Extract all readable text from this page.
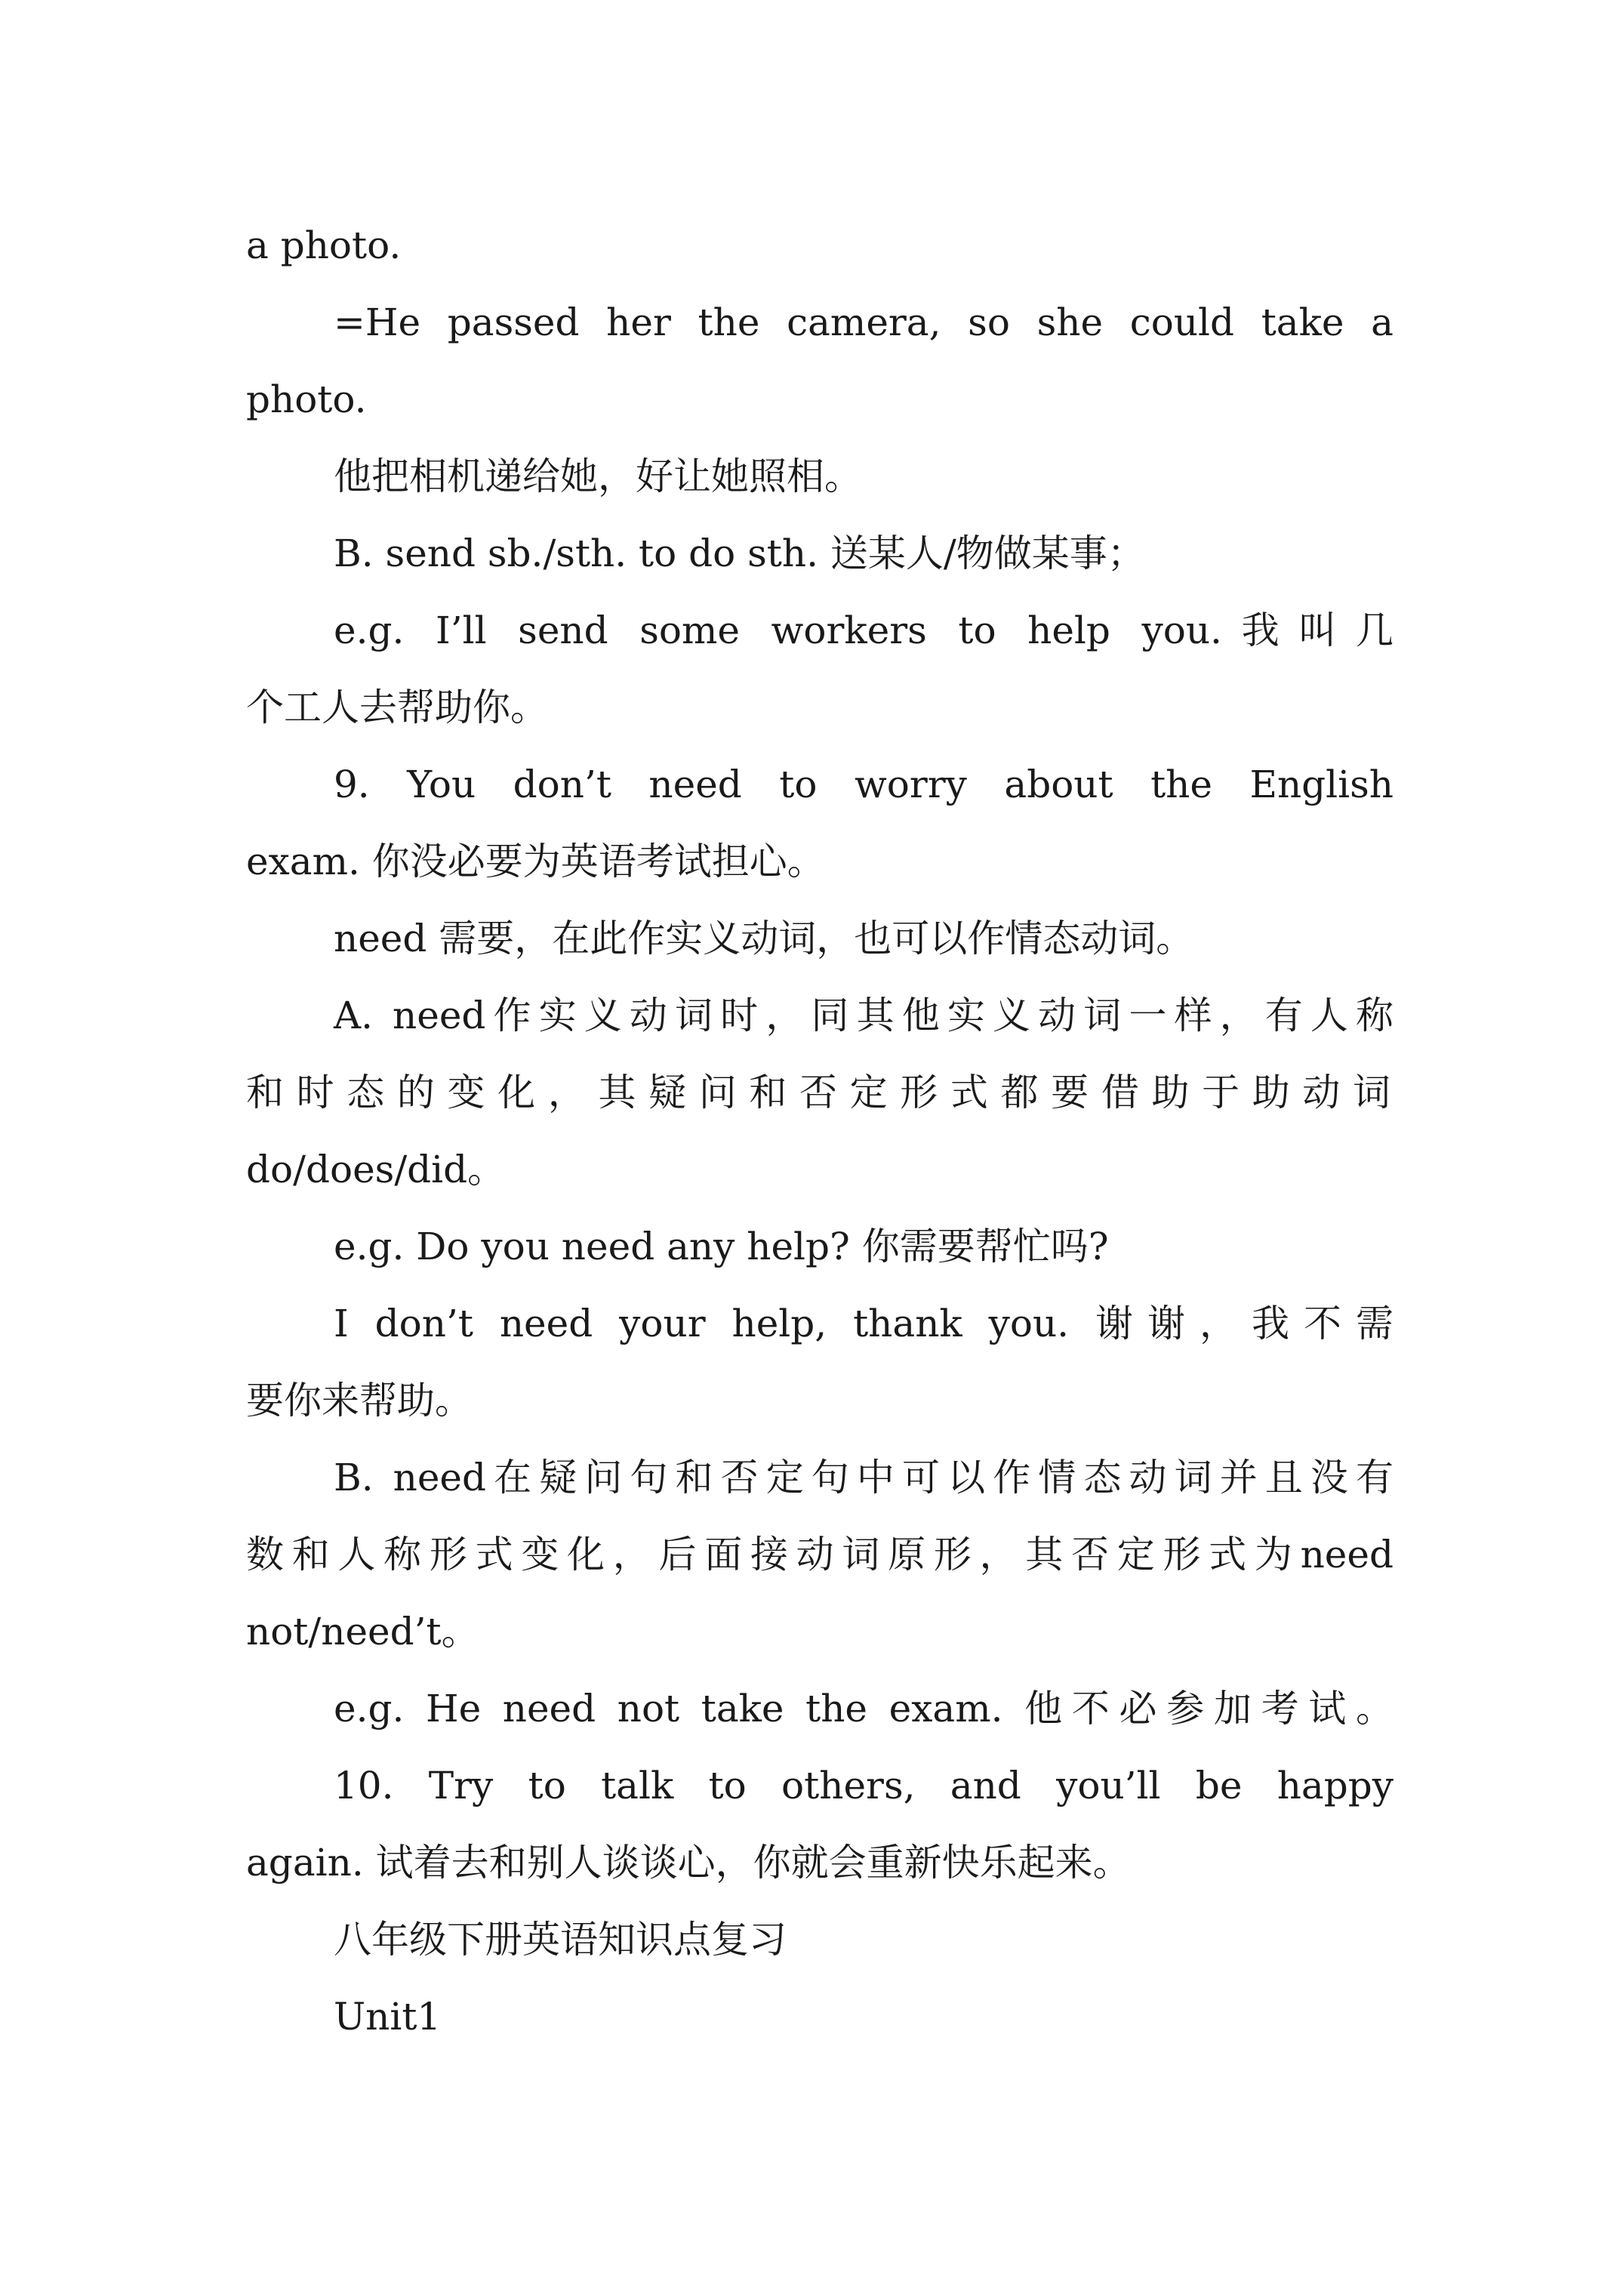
a photo.
=He passed her the camera, so she could take a
photo.
他把相机递给她，好让她照相。
B. send sb./sth. to do sth. 送某人/物做某事；
e.g. I’ll send some workers to help you.我叫几
个工人去帮助你。
9. You don’t need to worry about the English
exam. 你没必要为英语考试担心。
need 需要，在此作实义动词，也可以作情态动词。
A. need作实义动词时，同其他实义动词一样，有人称
和时态的变化，其疑问和否定形式都要借助于助动词
do/does/did。
e.g. Do you need any help? 你需要帮忙吗?
I don’t need your help, thank you. 谢谢，我不需
要你来帮助。
B. need在疑问句和否定句中可以作情态动词并且没有
数和人称形式变化，后面接动词原形，其否定形式为need
not/need’t。
e.g. He need not take the exam. 他不必参加考试。
10. Try to talk to others, and you’ll be happy
again. 试着去和别人谈谈心，你就会重新快乐起来。
八年级下册英语知识点复习
Unit1
